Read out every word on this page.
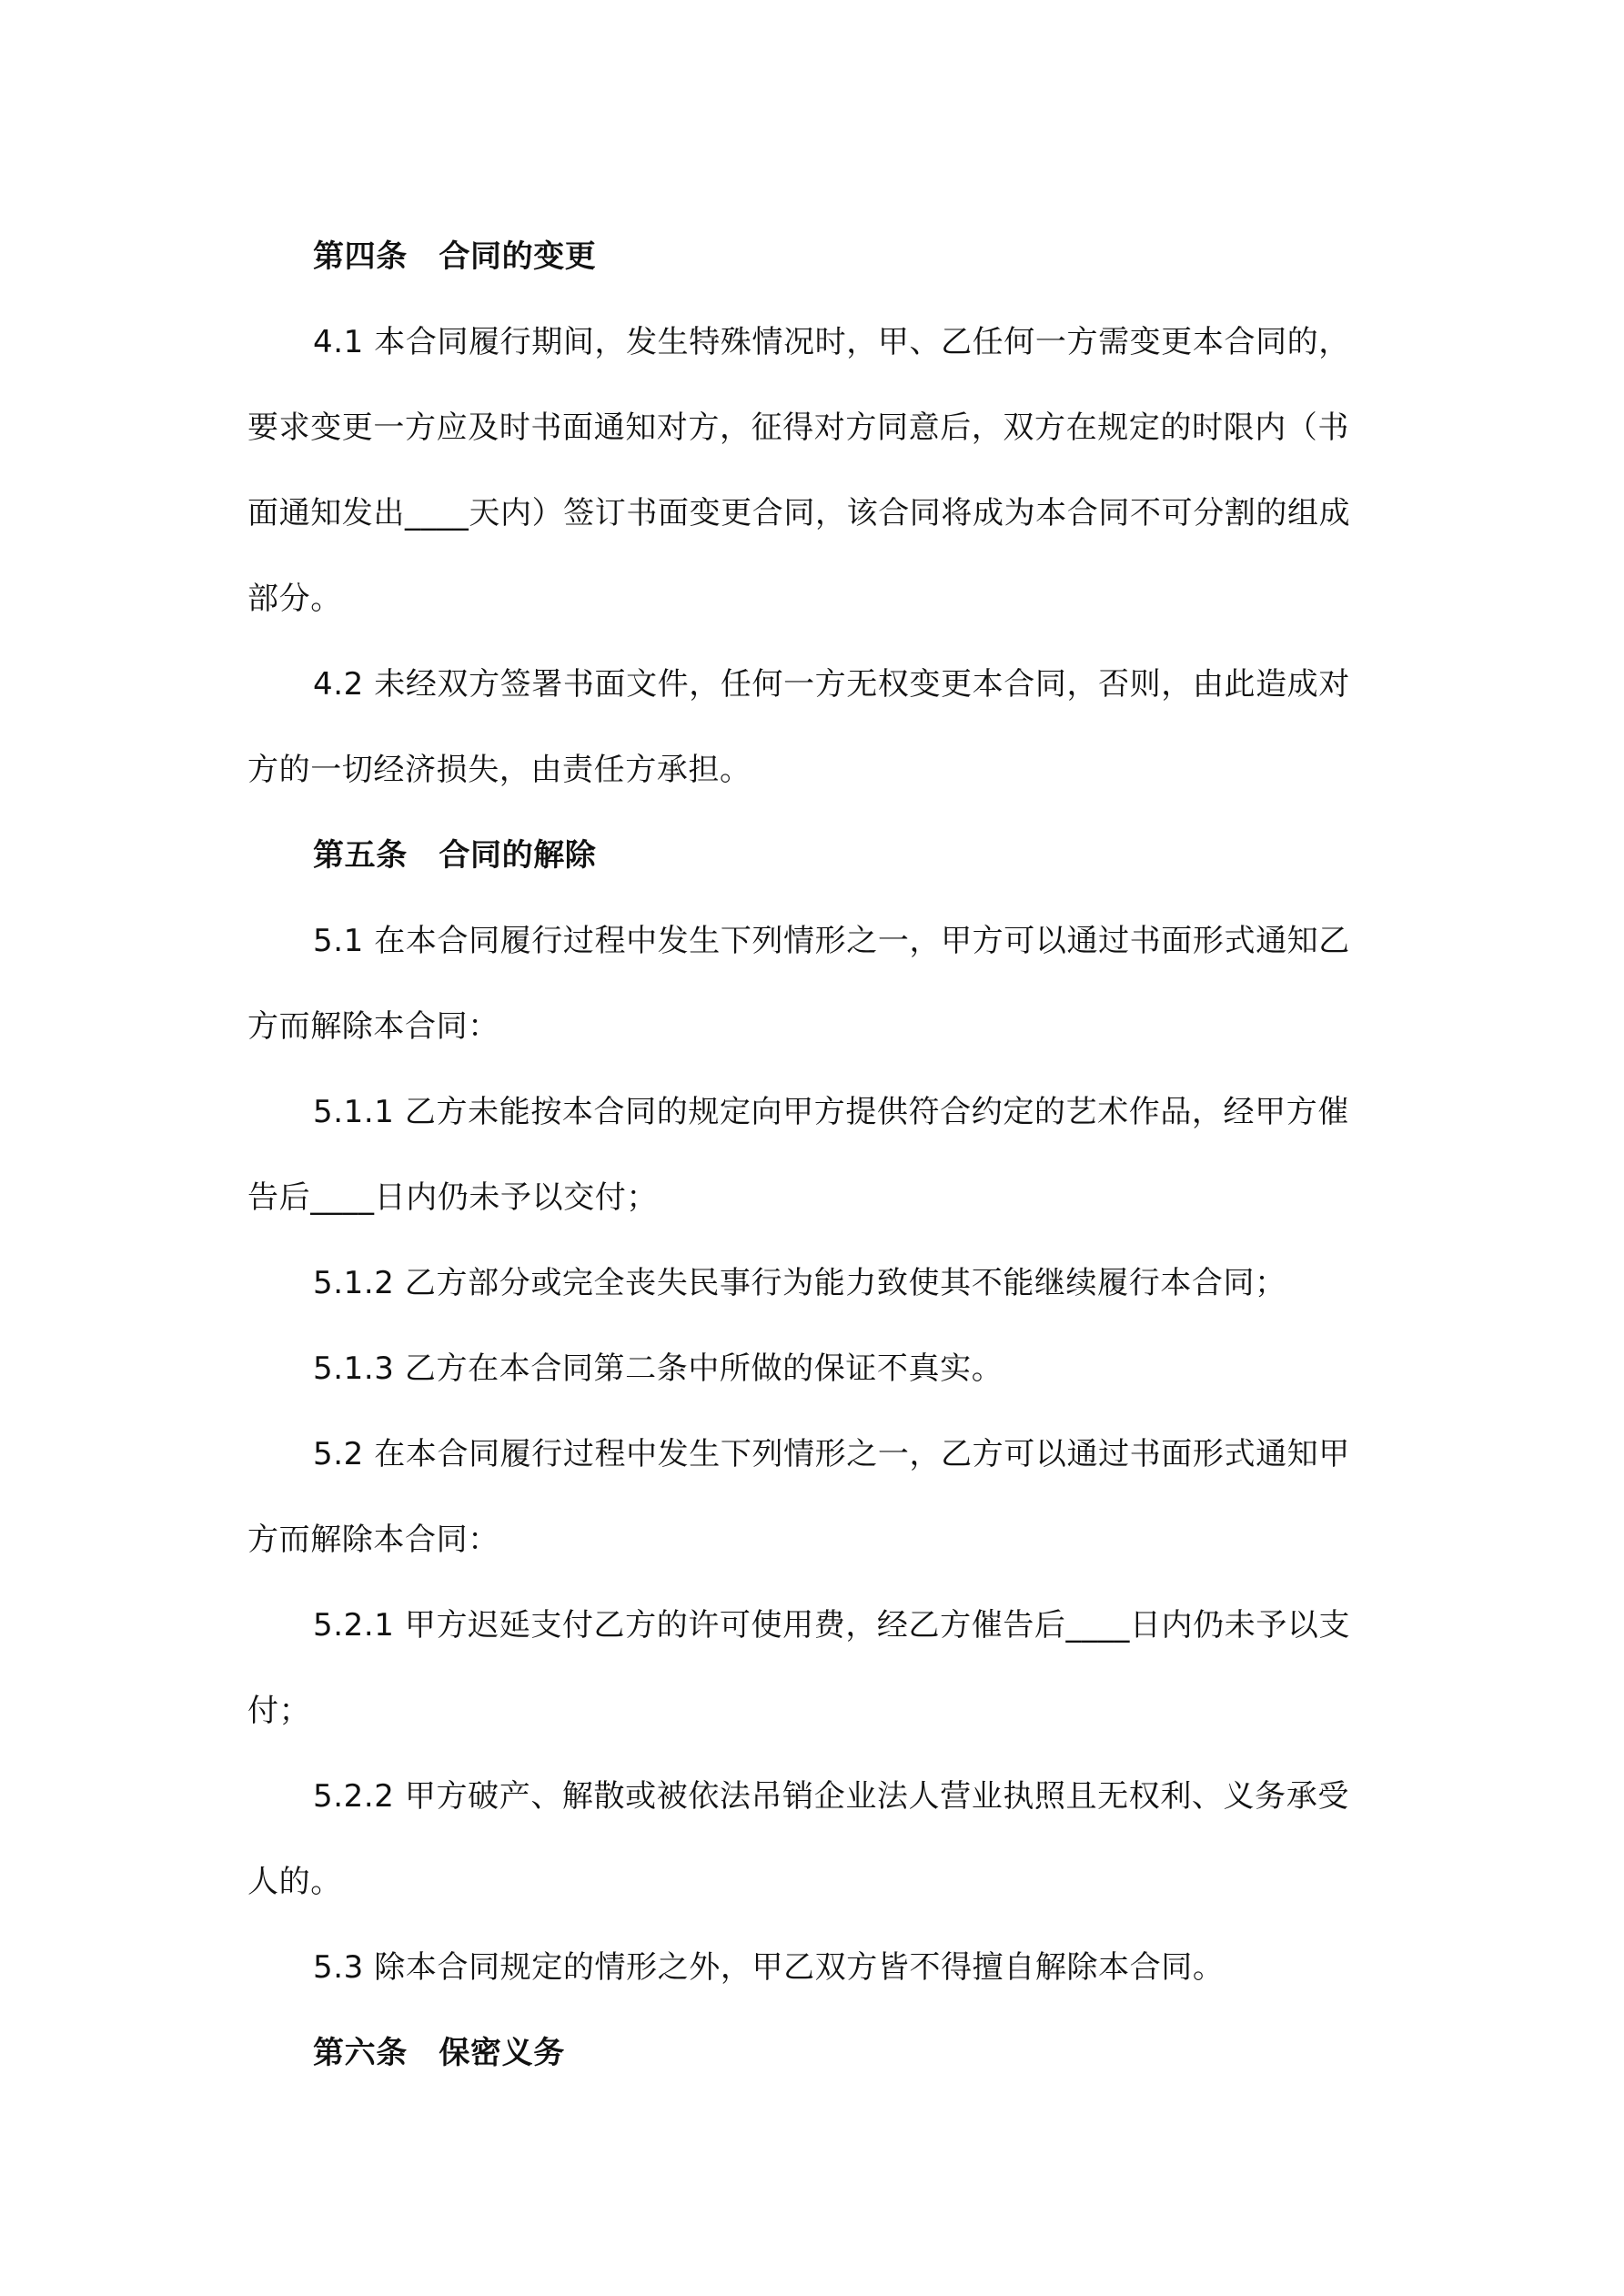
第四条　合同的变更
4.1 本合同履行期间，发生特殊情况时，甲、乙任何一方需变更本合同的，
要求变更一方应及时书面通知对方，征得对方同意后，双方在规定的时限内（书
面通知发出____天内）签订书面变更合同，该合同将成为本合同不可分割的组成
部分。
4.2 未经双方签署书面文件，任何一方无权变更本合同，否则，由此造成对
方的一切经济损失，由责任方承担。
第五条　合同的解除
5.1 在本合同履行过程中发生下列情形之一，甲方可以通过书面形式通知乙
方而解除本合同：
5.1.1 乙方未能按本合同的规定向甲方提供符合约定的艺术作品，经甲方催
告后____日内仍未予以交付；
5.1.2 乙方部分或完全丧失民事行为能力致使其不能继续履行本合同；
5.1.3 乙方在本合同第二条中所做的保证不真实。
5.2 在本合同履行过程中发生下列情形之一，乙方可以通过书面形式通知甲
方而解除本合同：
5.2.1 甲方迟延支付乙方的许可使用费，经乙方催告后____日内仍未予以支
付；
5.2.2 甲方破产、解散或被依法吊销企业法人营业执照且无权利、义务承受
人的。
5.3 除本合同规定的情形之外，甲乙双方皆不得擅自解除本合同。
第六条　保密义务
